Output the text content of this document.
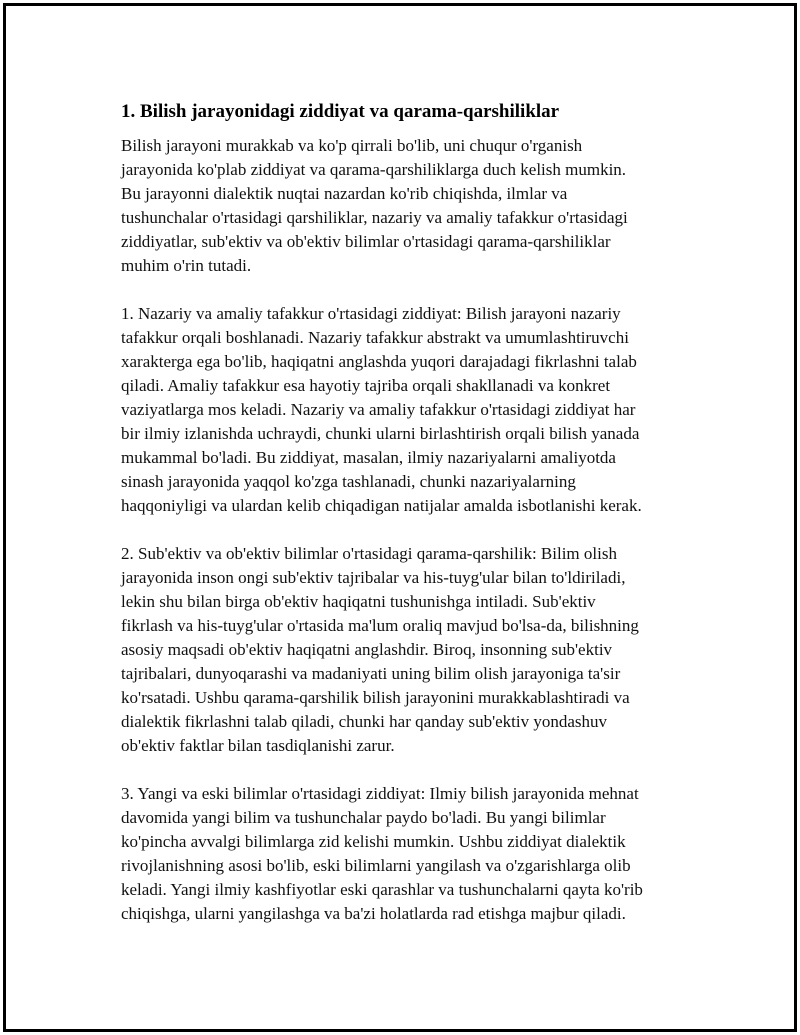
1. Bilish jarayonidagi ziddiyat va qarama-qarshiliklar

Bilish jarayoni murakkab va ko'p qirrali bo'lib, uni chuqur o'rganish
jarayonida ko'plab ziddiyat va qarama-qarshiliklarga duch kelish mumkin.
Bu jarayonni dialektik nuqtai nazardan ko'rib chiqishda, ilmlar va
tushunchalar o'rtasidagi qarshiliklar, nazariy va amaliy tafakkur o'rtasidagi
ziddiyatlar, sub'ektiv va ob'ektiv bilimlar o'rtasidagi qarama-qarshiliklar
muhim o'rin tutadi.

1. Nazariy va amaliy tafakkur o'rtasidagi ziddiyat: Bilish jarayoni nazariy
tafakkur orqali boshlanadi. Nazariy tafakkur abstrakt va umumlashtiruvchi
xarakterga ega bo'lib, haqiqatni anglashda yuqori darajadagi fikrlashni talab
qiladi. Amaliy tafakkur esa hayotiy tajriba orqali shakllanadi va konkret
vaziyatlarga mos keladi. Nazariy va amaliy tafakkur o'rtasidagi ziddiyat har
bir ilmiy izlanishda uchraydi, chunki ularni birlashtirish orqali bilish yanada
mukammal bo'ladi. Bu ziddiyat, masalan, ilmiy nazariyalarni amaliyotda
sinash jarayonida yaqqol ko'zga tashlanadi, chunki nazariyalarning
haqqoniyligi va ulardan kelib chiqadigan natijalar amalda isbotlanishi kerak.

2. Sub'ektiv va ob'ektiv bilimlar o'rtasidagi qarama-qarshilik: Bilim olish
jarayonida inson ongi sub'ektiv tajribalar va his-tuyg'ular bilan to'ldiriladi,
lekin shu bilan birga ob'ektiv haqiqatni tushunishga intiladi. Sub'ektiv
fikrlash va his-tuyg'ular o'rtasida ma'lum oraliq mavjud bo'lsa-da, bilishning
asosiy maqsadi ob'ektiv haqiqatni anglashdir. Biroq, insonning sub'ektiv
tajribalari, dunyoqarashi va madaniyati uning bilim olish jarayoniga ta'sir
ko'rsatadi. Ushbu qarama-qarshilik bilish jarayonini murakkablashtiradi va
dialektik fikrlashni talab qiladi, chunki har qanday sub'ektiv yondashuv
ob'ektiv faktlar bilan tasdiqlanishi zarur.

3. Yangi va eski bilimlar o'rtasidagi ziddiyat: Ilmiy bilish jarayonida mehnat
davomida yangi bilim va tushunchalar paydo bo'ladi. Bu yangi bilimlar
ko'pincha avvalgi bilimlarga zid kelishi mumkin. Ushbu ziddiyat dialektik
rivojlanishning asosi bo'lib, eski bilimlarni yangilash va o'zgarishlarga olib
keladi. Yangi ilmiy kashfiyotlar eski qarashlar va tushunchalarni qayta ko'rib
chiqishga, ularni yangilashga va ba'zi holatlarda rad etishga majbur qiladi.
